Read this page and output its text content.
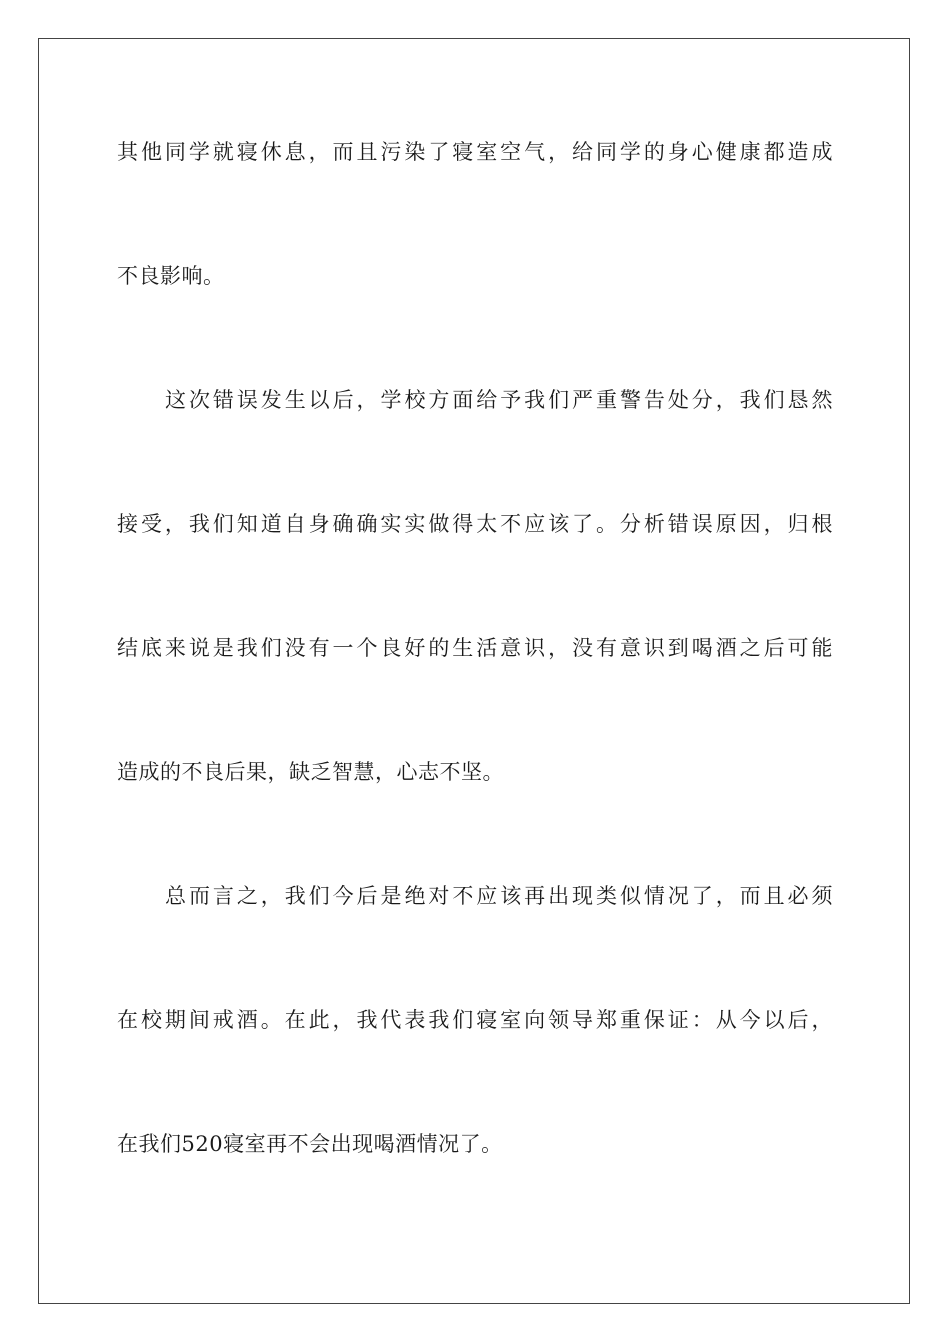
其他同学就寝休息，而且污染了寝室空气，给同学的身心健康都造成
不良影响。
这次错误发生以后，学校方面给予我们严重警告处分，我们恳然
接受，我们知道自身确确实实做得太不应该了。分析错误原因，归根
结底来说是我们没有一个良好的生活意识，没有意识到喝酒之后可能
造成的不良后果，缺乏智慧，心志不坚。
总而言之，我们今后是绝对不应该再出现类似情况了，而且必须
在校期间戒酒。在此，我代表我们寝室向领导郑重保证：从今以后，
在我们520寝室再不会出现喝酒情况了。
